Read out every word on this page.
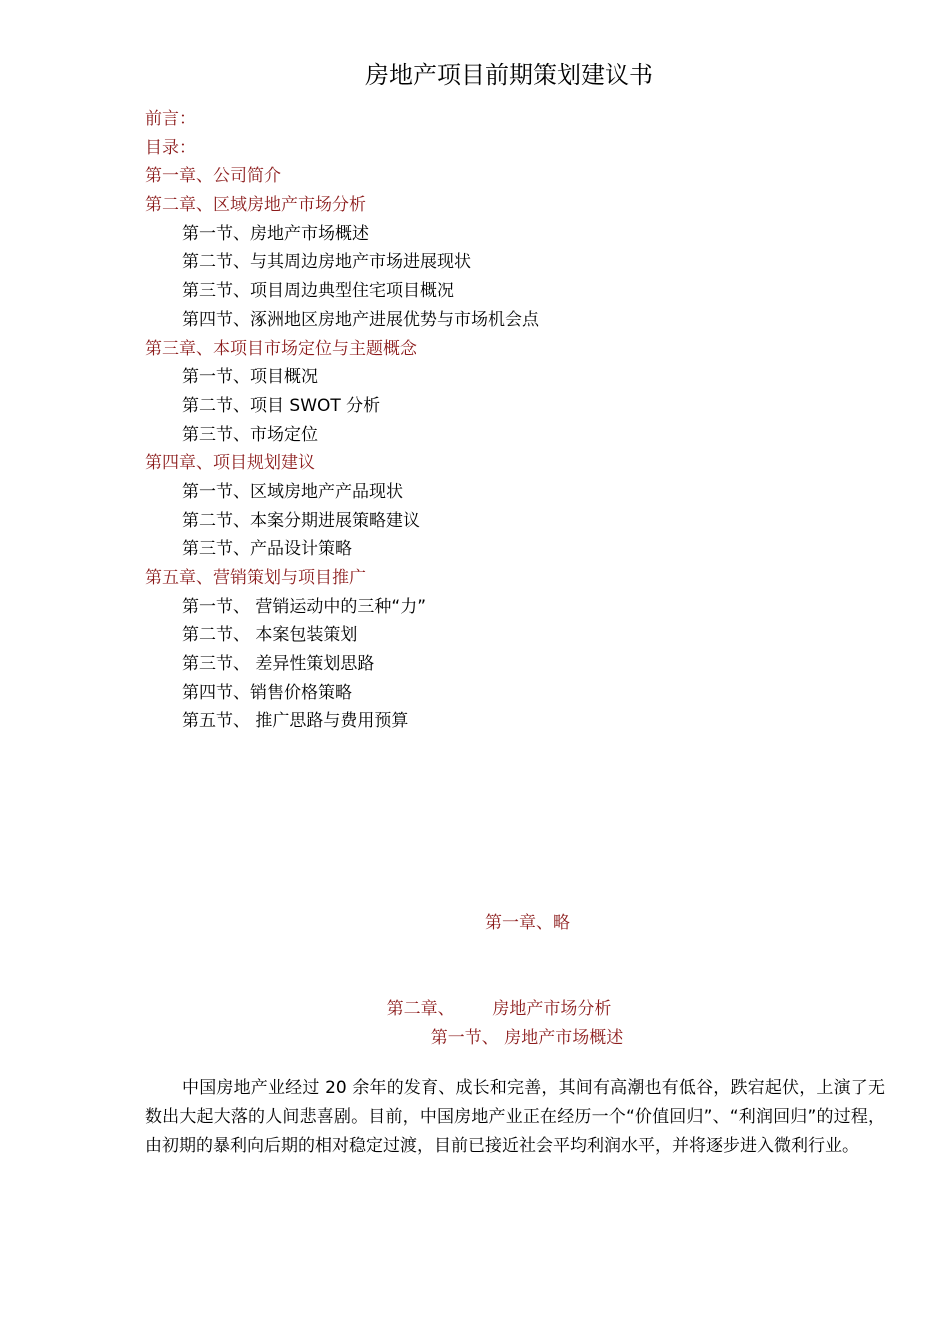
房地产项目前期策划建议书
前言：
目录：
第一章、公司简介
第二章、区域房地产市场分析
第一节、房地产市场概述
第二节、与其周边房地产市场进展现状
第三节、项目周边典型住宅项目概况
第四节、涿洲地区房地产进展优势与市场机会点
第三章、本项目市场定位与主题概念
第一节、项目概况
第二节、项目 SWOT 分析
第三节、市场定位
第四章、项目规划建议
第一节、区域房地产产品现状
第二节、本案分期进展策略建议
第三节、产品设计策略
第五章、营销策划与项目推广
第一节、 营销运动中的三种“力”
第二节、 本案包装策划
第三节、 差异性策划思路
第四节、销售价格策略
第五节、 推广思路与费用预算
第一章、略
第二章、       房地产市场分析
第一节、 房地产市场概述

中国房地产业经过 20 余年的发育、成长和完善，其间有高潮也有低谷，跌宕起伏，上演了无数出大起大落的人间悲喜剧。目前，中国房地产业正在经历一个“价值回归”、“利润回归”的过程，由初期的暴利向后期的相对稳定过渡，目前已接近社会平均利润水平，并将逐步进入微利行业。
